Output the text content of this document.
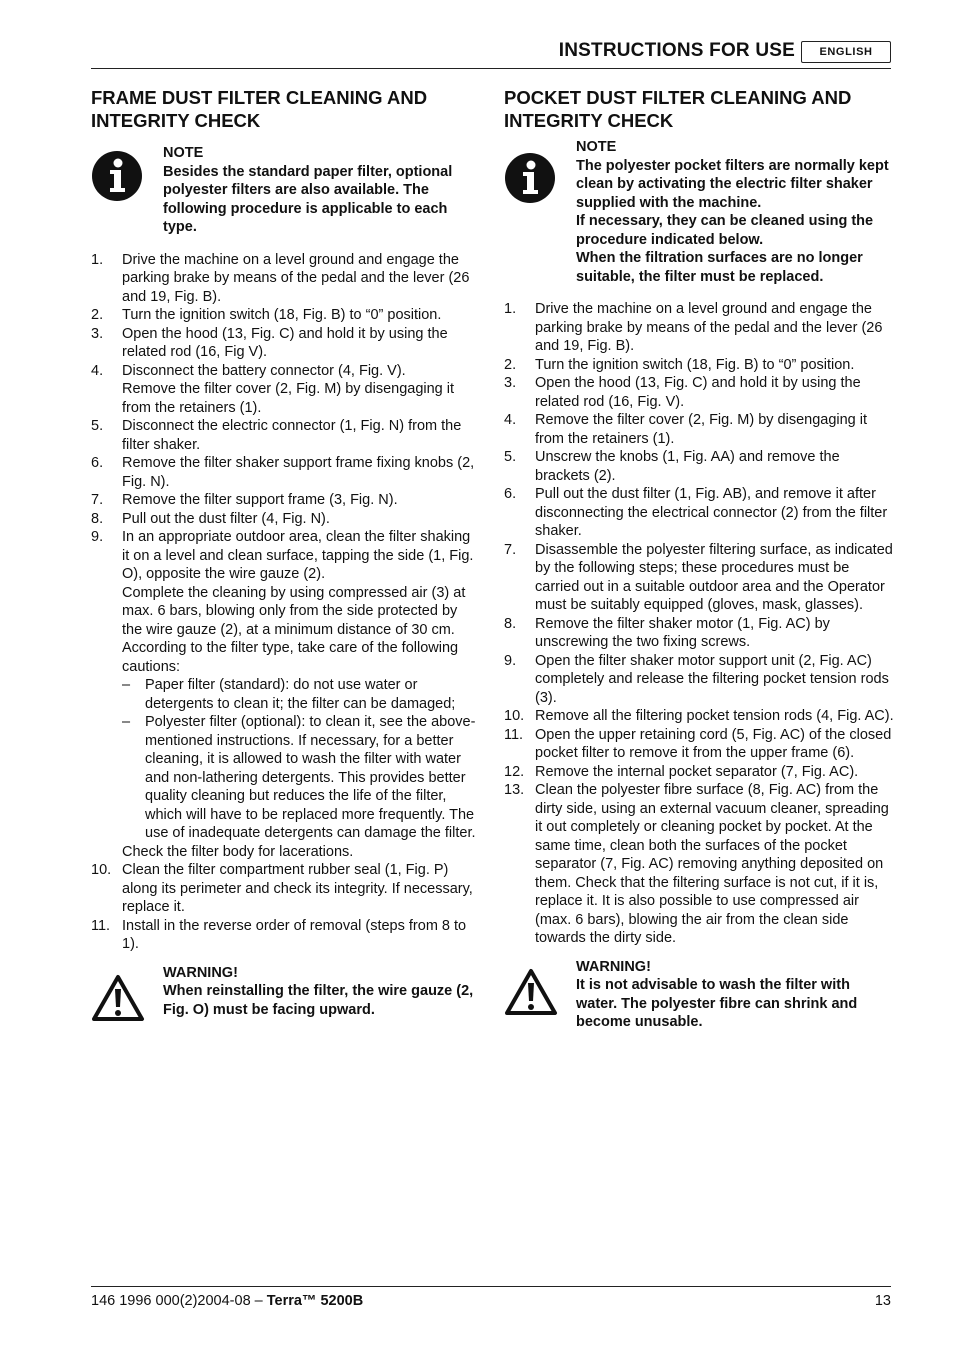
INSTRUCTIONS FOR USE	ENGLISH
FRAME DUST FILTER CLEANING AND INTEGRITY CHECK

NOTE

Besides the standard paper filter, optional polyester filters are also available. The following procedure is applicable to each type.

1. Drive the machine on a level ground and engage the parking brake by means of the pedal and the lever (26 and 19, Fig. B).

2. Turn the ignition switch (18, Fig. B) to “0” position.

3. Open the hood (13, Fig. C) and hold it by using the related rod (16, Fig V).

4. Disconnect the battery connector (4, Fig. V).

Remove the filter cover (2, Fig. M) by disengaging it from the retainers (1).

5. Disconnect the electric connector (1, Fig. N) from the filter shaker.

6. Remove the filter shaker support frame fixing knobs (2, Fig. N).

7. Remove the filter support frame (3, Fig. N).

8. Pull out the dust filter (4, Fig. N).

9. In an appropriate outdoor area, clean the filter shaking it on a level and clean surface, tapping the side (1, Fig. O), opposite the wire gauze (2).

Complete the cleaning by using compressed air (3) at max. 6 bars, blowing only from the side protected by the wire gauze (2), at a minimum distance of 30 cm.

According to the filter type, take care of the following cautions:

– Paper filter (standard): do not use water or detergents to clean it; the filter can be damaged;
– Polyester filter (optional): to clean it, see the above-mentioned instructions. If necessary, for a better cleaning, it is allowed to wash the filter with water and non-lathering detergents. This provides better quality cleaning but reduces the life of the filter, which will have to be replaced more frequently. The use of inadequate detergents can damage the filter.

Check the filter body for lacerations.

10. Clean the filter compartment rubber seal (1, Fig. P) along its perimeter and check its integrity. If necessary, replace it.

11. Install in the reverse order of removal (steps from 8 to 1).

WARNING!

When reinstalling the filter, the wire gauze (2, Fig. O) must be facing upward.

POCKET DUST FILTER CLEANING AND INTEGRITY CHECK

NOTE

The polyester pocket filters are normally kept clean by activating the electric filter shaker supplied with the machine.

If necessary, they can be cleaned using the procedure indicated below.

When the filtration surfaces are no longer suitable, the filter must be replaced.

1. Drive the machine on a level ground and engage the parking brake by means of the pedal and the lever (26 and 19, Fig. B).

2. Turn the ignition switch (18, Fig. B) to “0” position.

3. Open the hood (13, Fig. C) and hold it by using the related rod (16, Fig. V).

4. Remove the filter cover (2, Fig. M) by disengaging it from the retainers (1).

5. Unscrew the knobs (1, Fig. AA) and remove the brackets (2).

6. Pull out the dust filter (1, Fig. AB), and remove it after disconnecting the electrical connector (2) from the filter shaker.

7. Disassemble the polyester filtering surface, as indicated by the following steps; these procedures must be carried out in a suitable outdoor area and the Operator must be suitably equipped (gloves, mask, glasses).

8. Remove the filter shaker motor (1, Fig. AC) by unscrewing the two fixing screws.

9. Open the filter shaker motor support unit (2, Fig. AC) completely and release the filtering pocket tension rods (3).

10. Remove all the filtering pocket tension rods (4, Fig. AC).

11. Open the upper retaining cord (5, Fig. AC) of the closed pocket filter to remove it from the upper frame (6).

12. Remove the internal pocket separator (7, Fig. AC).

13. Clean the polyester fibre surface (8, Fig. AC) from the dirty side, using an external vacuum cleaner, spreading it out completely or cleaning pocket by pocket. At the same time, clean both the surfaces of the pocket separator (7, Fig. AC) removing anything deposited on them. Check that the filtering surface is not cut, if it is, replace it. It is also possible to use compressed air (max. 6 bars), blowing the air from the clean side towards the dirty side.

WARNING!

It is not advisable to wash the filter with water. The polyester fibre can shrink and become unusable.

146 1996 000(2)2004-08 – Terra™ 5200B	13
